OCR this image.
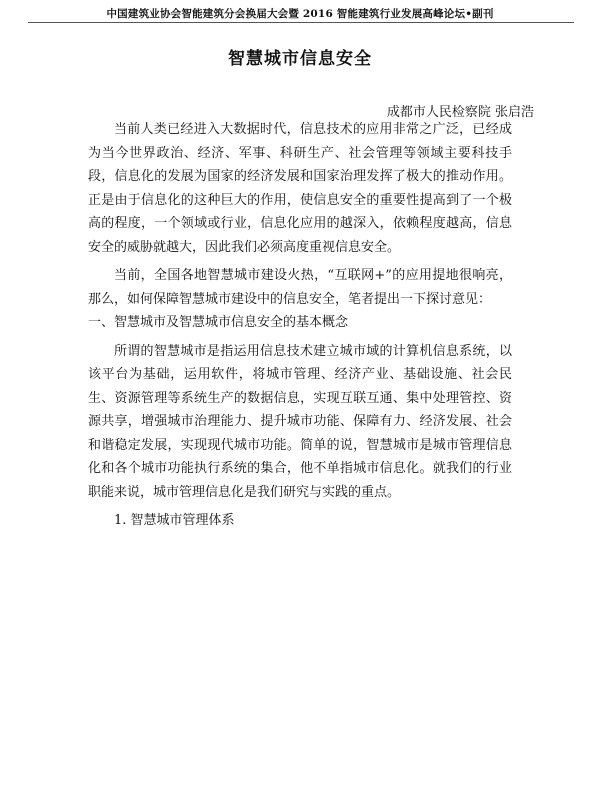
中国建筑业协会智能建筑分会换届大会暨 2016 智能建筑行业发展高峰论坛•副刊
智慧城市信息安全
成都市人民检察院 张启浩

当前人类已经进入大数据时代，信息技术的应用非常之广泛，已经成为当今世界政治、经济、军事、科研生产、社会管理等领域主要科技手段，信息化的发展为国家的经济发展和国家治理发挥了极大的推动作用。正是由于信息化的这种巨大的作用，使信息安全的重要性提高到了一个极高的程度，一个领域或行业，信息化应用的越深入，依赖程度越高，信息安全的威胁就越大，因此我们必须高度重视信息安全。

当前，全国各地智慧城市建设火热，“互联网+”的应用提地很响亮，那么，如何保障智慧城市建设中的信息安全，笔者提出一下探讨意见：

一、智慧城市及智慧城市信息安全的基本概念

所谓的智慧城市是指运用信息技术建立城市域的计算机信息系统，以该平台为基础，运用软件，将城市管理、经济产业、基础设施、社会民生、资源管理等系统生产的数据信息，实现互联互通、集中处理管控、资源共享，增强城市治理能力、提升城市功能、保障有力、经济发展、社会和谐稳定发展，实现现代城市功能。简单的说，智慧城市是城市管理信息化和各个城市功能执行系统的集合，他不单指城市信息化。就我们的行业职能来说，城市管理信息化是我们研究与实践的重点。

1. 智慧城市管理体系
